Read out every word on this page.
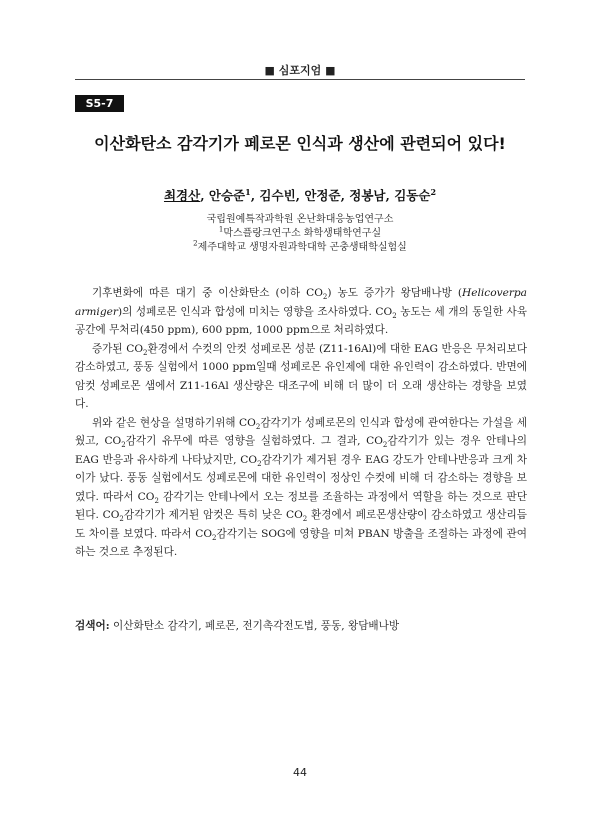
■ 심포지엄 ■
S5-7
이산화탄소 감각기가 페로몬 인식과 생산에 관련되어 있다!
최경산, 안승준$^1$, 김수빈, 안정준, 정봉남, 김동순$^2$
국립원예특작과학원 온난화대응농업연구소
$^1$막스플랑크연구소 화학생태학연구실
$^2$제주대학교 생명자원과학대학 곤충생태학실험실

기후변화에 따른 대기 중 이산화탄소 (이하 $CO_2$) 농도 증가가 왕담배나방 (Helicoverpa armiger)의 성페로몬 인식과 합성에 미치는 영향을 조사하였다. $CO_2$ 농도는 세 개의 동일한 사육공간에 무처리(450 ppm), 600 ppm, 1000 ppm으로 처리하였다.

증가된 $CO_2$환경에서 수컷의 안컷 성페로몬 성분 (Z11-16Al)에 대한 EAG 반응은 무처리보다 감소하였고, 풍동 실험에서 1000 ppm일때 성페로몬 유인제에 대한 유인력이 감소하였다. 반면에 암컷 성페로몬 샘에서 Z11-16Al 생산량은 대조구에 비해 더 많이 더 오래 생산하는 경향을 보였다.

위와 같은 현상을 설명하기위해 $CO_2$감각기가 성페로몬의 인식과 합성에 관여한다는 가설을 세웠고, $CO_2$감각기 유무에 따른 영향을 실험하였다. 그 결과, $CO_2$감각기가 있는 경우 안테나의 EAG 반응과 유사하게 나타났지만, $CO_2$감각기가 제거된 경우 EAG 강도가 안테나반응과 크게 차이가 났다. 풍동 실험에서도 성페로몬에 대한 유인력이 정상인 수컷에 비해 더 감소하는 경향을 보였다. 따라서 $CO_2$ 감각기는 안테나에서 오는 정보를 조율하는 과정에서 역할을 하는 것으로 판단된다. $CO_2$감각기가 제거된 암컷은 특히 낮은 $CO_2$ 환경에서 페로몬생산량이 감소하였고 생산리듬도 차이를 보였다. 따라서 $CO_2$감각기는 SOG에 영향을 미쳐 PBAN 방출을 조절하는 과정에 관여하는 것으로 추정된다.

검색어: 이산화탄소 감각기, 페로몬, 전기촉각전도법, 풍동, 왕담배나방
44
